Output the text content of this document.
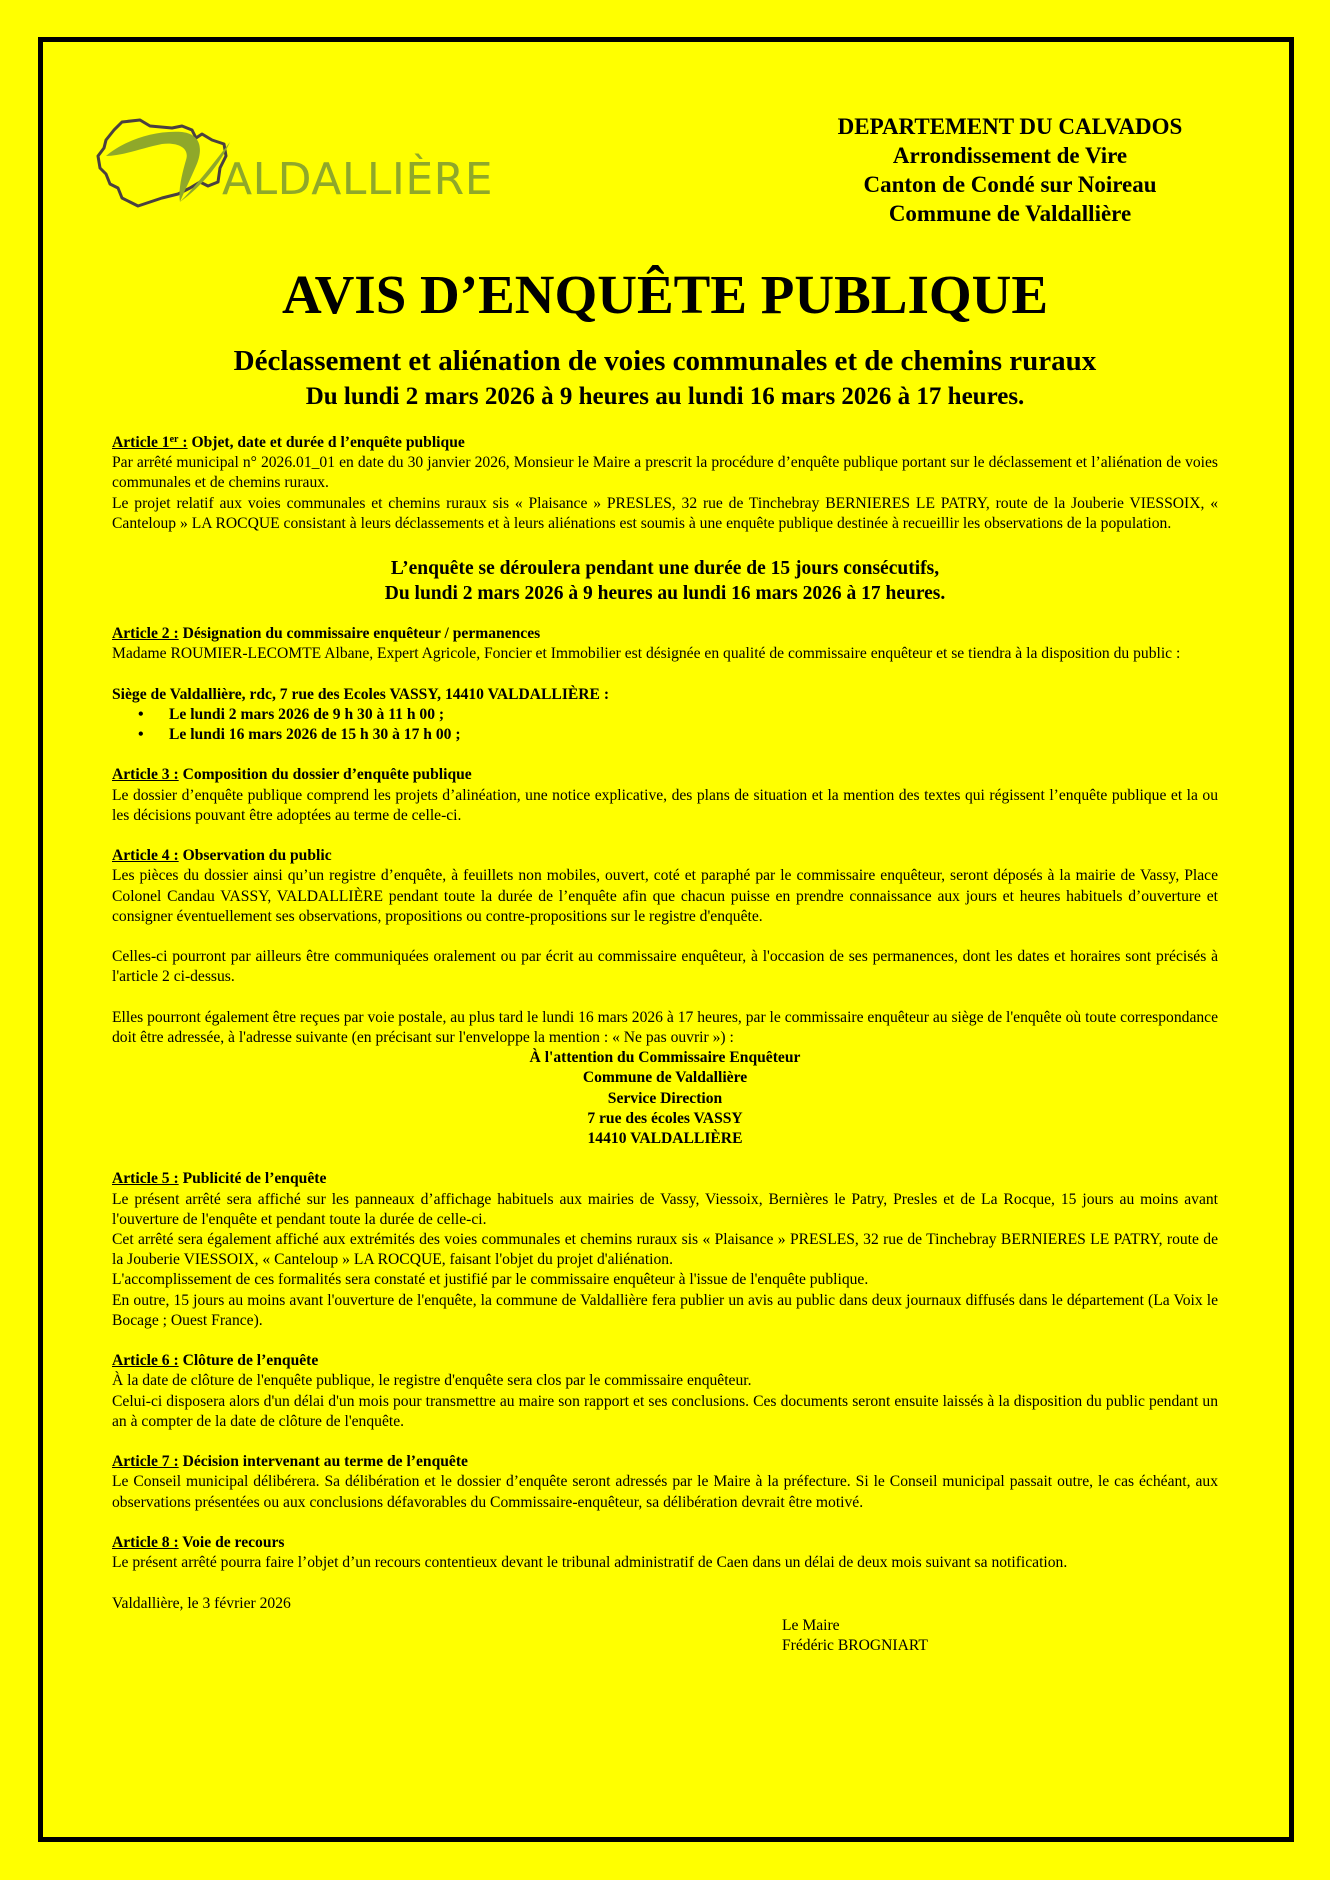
ALDALLIÈRE
DEPARTEMENT DU CALVADOS
Arrondissement de Vire
Canton de Condé sur Noireau
Commune de Valdallière
AVIS D’ENQUÊTE PUBLIQUE
Déclassement et aliénation de voies communales et de chemins ruraux
Du lundi 2 mars 2026 à 9 heures au lundi 16 mars 2026 à 17 heures.

Article 1er : Objet, date et durée d l’enquête publique

Par arrêté municipal n° 2026.01_01 en date du 30 janvier 2026, Monsieur le Maire a prescrit la procédure d’enquête publique portant sur le déclassement et l’aliénation de voies communales et de chemins ruraux.

Le projet relatif aux voies communales et chemins ruraux sis « Plaisance » PRESLES, 32 rue de Tinchebray BERNIERES LE PATRY, route de la Jouberie VIESSOIX, « Canteloup » LA ROCQUE consistant à leurs déclassements et à leurs aliénations est soumis à une enquête publique destinée à recueillir les observations de la population.

L’enquête se déroulera pendant une durée de 15 jours consécutifs,

Du lundi 2 mars 2026 à 9 heures au lundi 16 mars 2026 à 17 heures.

Article 2 : Désignation du commissaire enquêteur / permanences

Madame ROUMIER-LECOMTE Albane, Expert Agricole, Foncier et Immobilier est désignée en qualité de commissaire enquêteur et se tiendra à la disposition du public :

Siège de Valdallière, rdc, 7 rue des Ecoles VASSY, 14410 VALDALLIÈRE :

• Le lundi 2 mars 2026 de 9 h 30 à 11 h 00 ;
• Le lundi 16 mars 2026 de 15 h 30 à 17 h 00 ;

Article 3 : Composition du dossier d’enquête publique

Le dossier d’enquête publique comprend les projets d’alinéation, une notice explicative, des plans de situation et la mention des textes qui régissent l’enquête publique et la ou les décisions pouvant être adoptées au terme de celle-ci.

Article 4 : Observation du public

Les pièces du dossier ainsi qu’un registre d’enquête, à feuillets non mobiles, ouvert, coté et paraphé par le commissaire enquêteur, seront déposés à la mairie de Vassy, Place Colonel Candau VASSY, VALDALLIÈRE pendant toute la durée de l’enquête afin que chacun puisse en prendre connaissance aux jours et heures habituels d’ouverture et consigner éventuellement ses observations, propositions ou contre-propositions sur le registre d'enquête.

Celles-ci pourront par ailleurs être communiquées oralement ou par écrit au commissaire enquêteur, à l'occasion de ses permanences, dont les dates et horaires sont précisés à l'article 2 ci-dessus.

Elles pourront également être reçues par voie postale, au plus tard le lundi 16 mars 2026 à 17 heures, par le commissaire enquêteur au siège de l'enquête où toute correspondance doit être adressée, à l'adresse suivante (en précisant sur l'enveloppe la mention : « Ne pas ouvrir ») :

À l'attention du Commissaire Enquêteur

Commune de Valdallière

Service Direction

7 rue des écoles VASSY

14410 VALDALLIÈRE

Article 5 : Publicité de l’enquête

Le présent arrêté sera affiché sur les panneaux d’affichage habituels aux mairies de Vassy, Viessoix, Bernières le Patry, Presles et de La Rocque, 15 jours au moins avant l'ouverture de l'enquête et pendant toute la durée de celle-ci.

Cet arrêté sera également affiché aux extrémités des voies communales et chemins ruraux sis « Plaisance » PRESLES, 32 rue de Tinchebray BERNIERES LE PATRY, route de la Jouberie VIESSOIX, « Canteloup » LA ROCQUE, faisant l'objet du projet d'aliénation.

L'accomplissement de ces formalités sera constaté et justifié par le commissaire enquêteur à l'issue de l'enquête publique.

En outre, 15 jours au moins avant l'ouverture de l'enquête, la commune de Valdallière fera publier un avis au public dans deux journaux diffusés dans le département (La Voix le Bocage ; Ouest France).

Article 6 : Clôture de l’enquête

À la date de clôture de l'enquête publique, le registre d'enquête sera clos par le commissaire enquêteur.

Celui-ci disposera alors d'un délai d'un mois pour transmettre au maire son rapport et ses conclusions. Ces documents seront ensuite laissés à la disposition du public pendant un an à compter de la date de clôture de l'enquête.

Article 7 : Décision intervenant au terme de l’enquête

Le Conseil municipal délibérera. Sa délibération et le dossier d’enquête seront adressés par le Maire à la préfecture. Si le Conseil municipal passait outre, le cas échéant, aux observations présentées ou aux conclusions défavorables du Commissaire-enquêteur, sa délibération devrait être motivé.

Article 8 : Voie de recours

Le présent arrêté pourra faire l’objet d’un recours contentieux devant le tribunal administratif de Caen dans un délai de deux mois suivant sa notification.

Valdallière, le 3 février 2026

Le Maire

Frédéric BROGNIART
